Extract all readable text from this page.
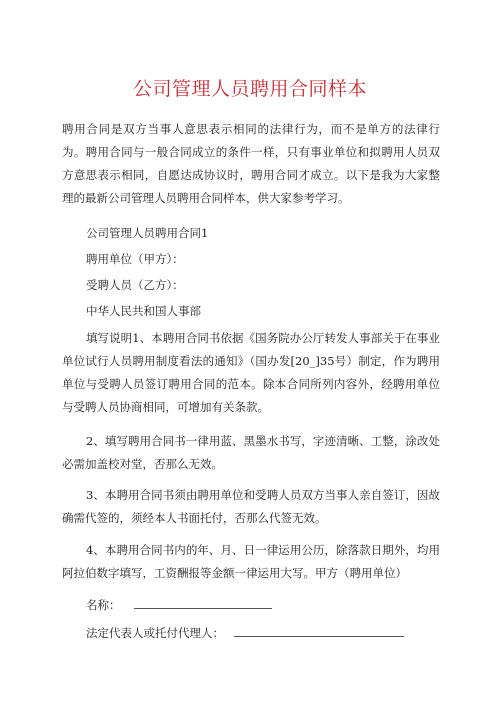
公司管理人员聘用合同样本

聘用合同是双方当事人意思表示相同的法律行为，而不是单方的法律行为。聘用合同与一般合同成立的条件一样，只有事业单位和拟聘用人员双方意思表示相同，自愿达成协议时，聘用合同才成立。以下是我为大家整理的最新公司管理人员聘用合同样本，供大家参考学习。

公司管理人员聘用合同1
聘用单位（甲方）：
受聘人员（乙方）：
中华人民共和国人事部

填写说明1、本聘用合同书依据《国务院办公厅转发人事部关于在事业单位试行人员聘用制度看法的通知》（国办发[20_]35号）制定，作为聘用单位与受聘人员签订聘用合同的范本。除本合同所列内容外，经聘用单位与受聘人员协商相同，可增加有关条款。

2、填写聘用合同书一律用蓝、黑墨水书写，字迹清晰、工整，涂改处必需加盖校对堂，否那么无效。

3、本聘用合同书须由聘用单位和受聘人员双方当事人亲自签订，因故确需代签的，须经本人书面托付，否那么代签无效。

4、本聘用合同书内的年、月、日一律运用公历，除落款日期外，均用阿拉伯数字填写，工资酬报等金额一律运用大写。甲方（聘用单位）

名称：
法定代表人或托付代理人：
